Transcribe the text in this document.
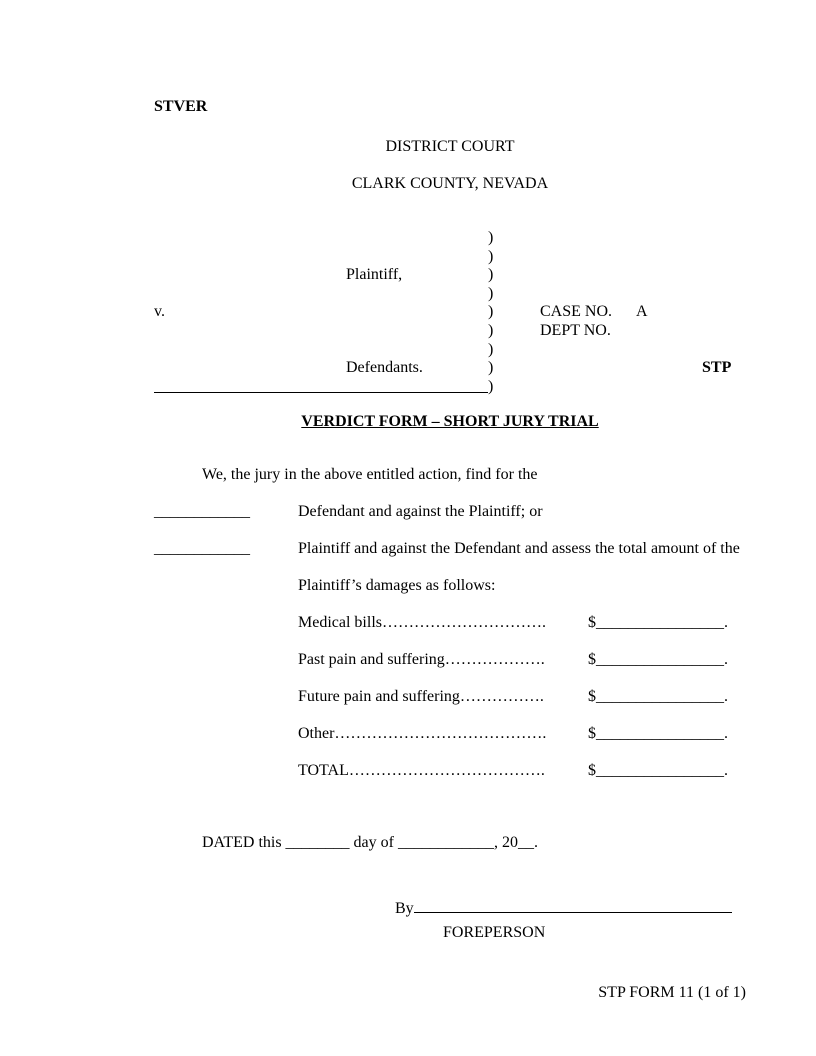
STVER
DISTRICT COURT
CLARK COUNTY, NEVADA
)
)
Plaintiff,	)
)
v.	)	CASE NO. A
)	DEPT NO.
)
Defendants.	)	STP
)
VERDICT FORM – SHORT JURY TRIAL
We, the jury in the above entitled action, find for the
____________	Defendant and against the Plaintiff; or
____________	Plaintiff and against the Defendant and assess the total amount of the
Plaintiff’s damages as follows:
Medical bills………………………….	$________________.
Past pain and suffering……………….	$________________.
Future pain and suffering…………….	$________________.
Other………………………………….	$________________.
TOTAL……………………………….	$________________.
DATED this ________ day of ____________, 20__.
By
FOREPERSON
STP FORM 11 (1 of 1)
